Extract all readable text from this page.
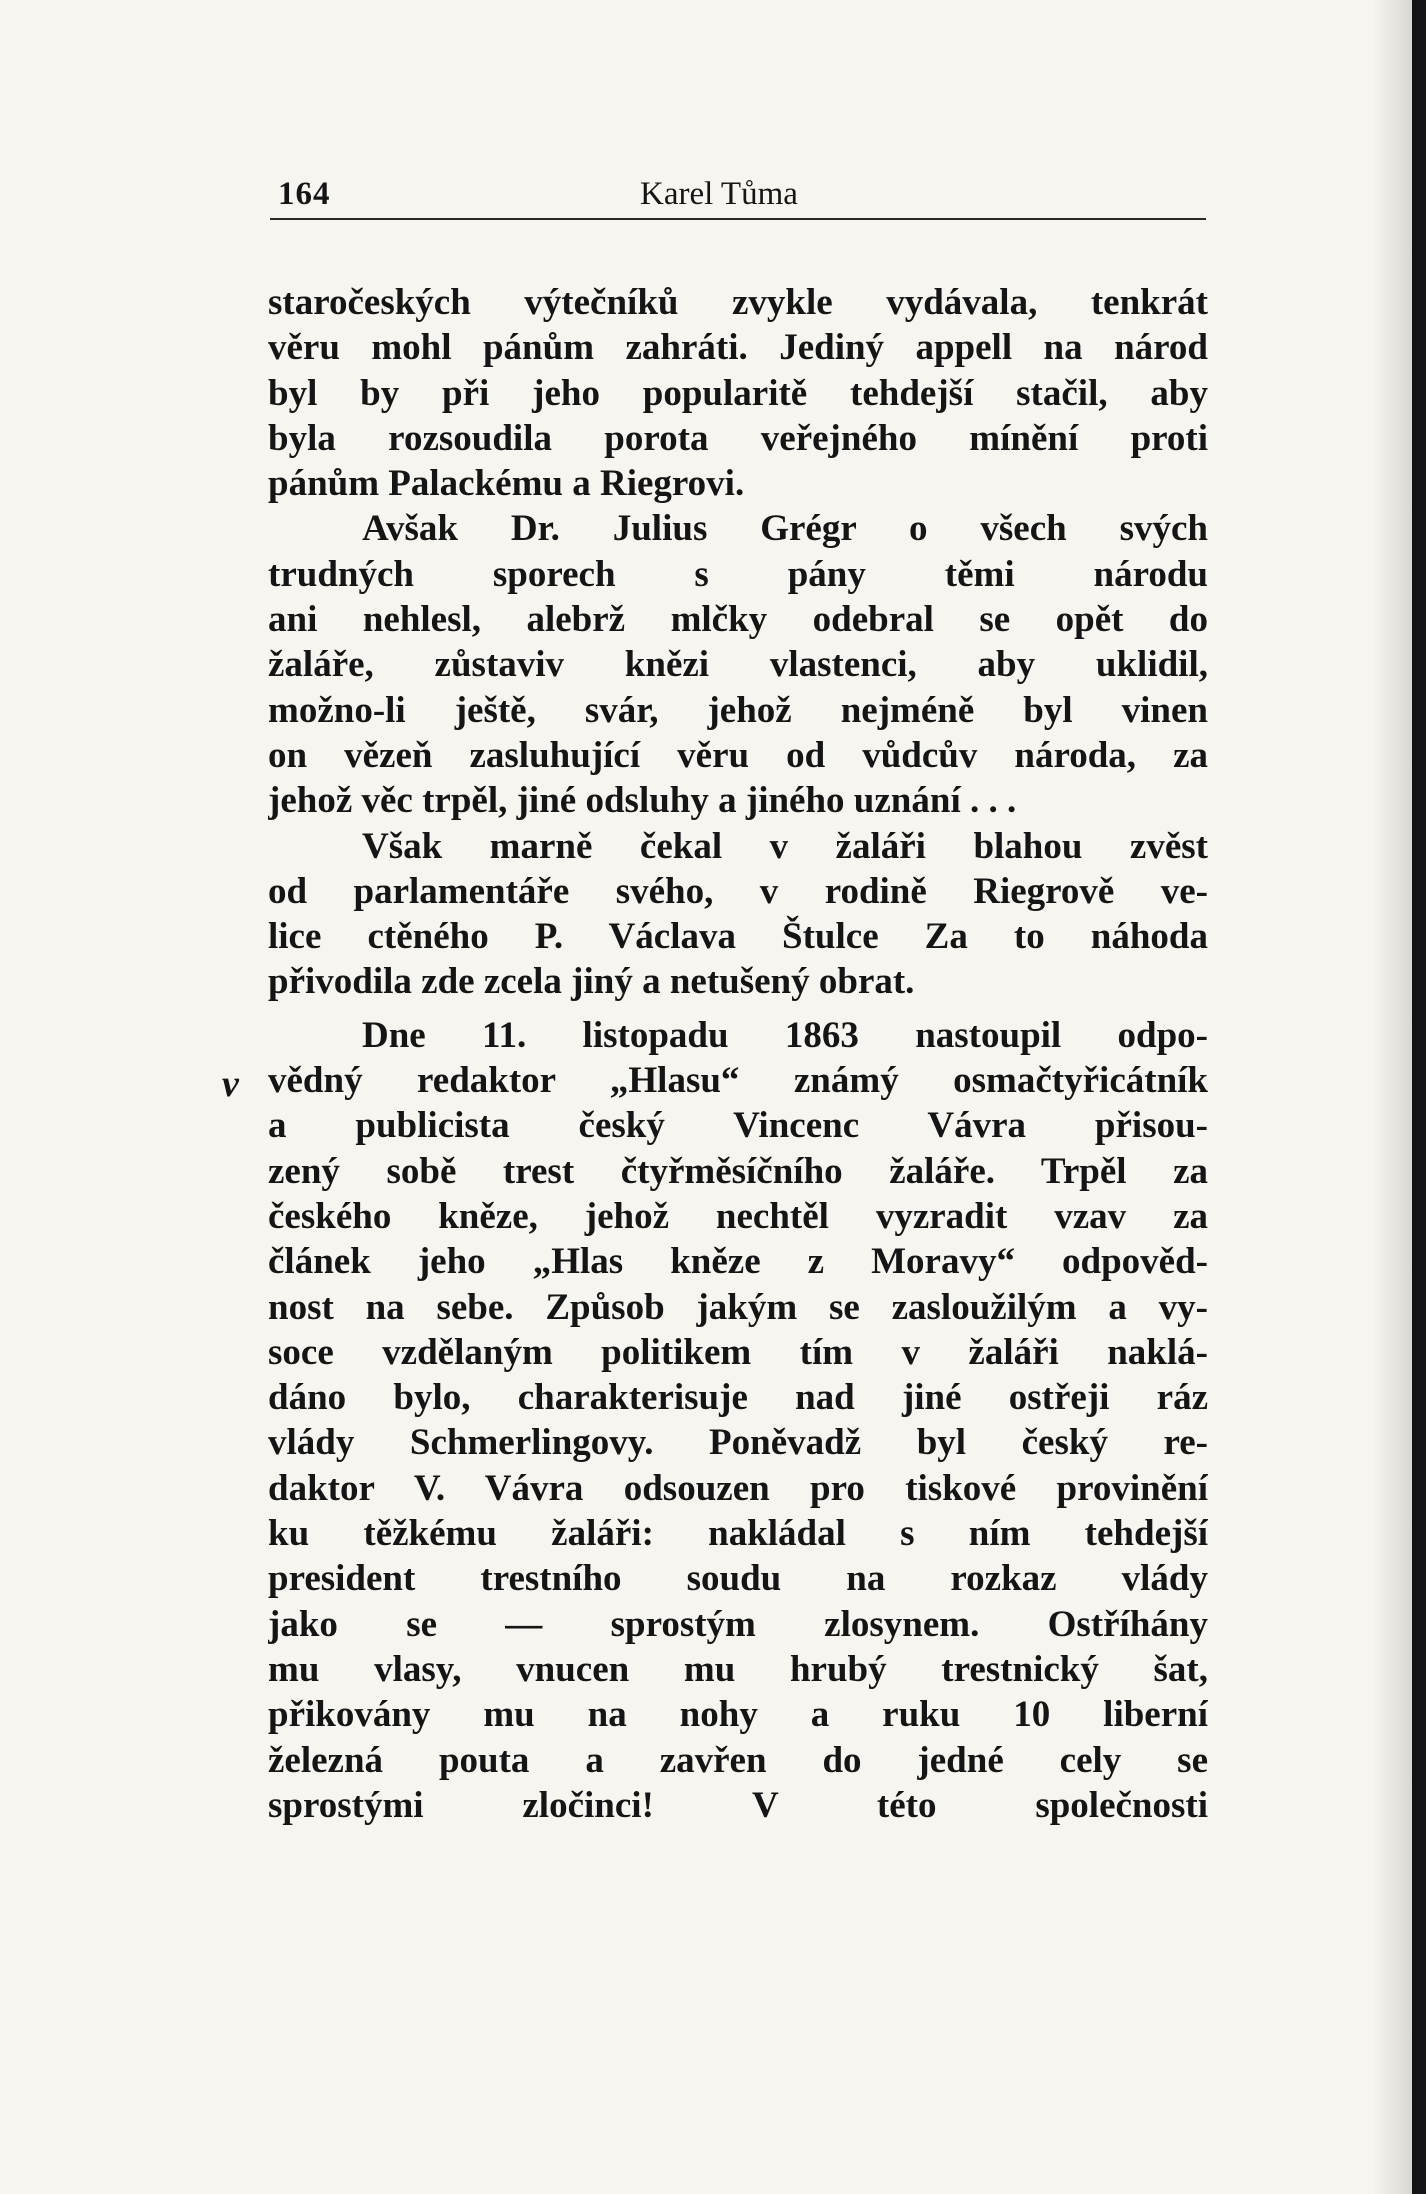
164	Karel Tůma
v
staročeských výtečníků zvykle vydávala, tenkrát
věru mohl pánům zahráti. Jediný appell na národ
byl by při jeho popularitě tehdejší stačil, aby
byla rozsoudila porota veřejného mínění proti
pánům Palackému a Riegrovi.
Avšak Dr. Julius Grégr o všech svých
trudných sporech s pány těmi národu
ani nehlesl, alebrž mlčky odebral se opět do
žaláře, zůstaviv knězi vlastenci, aby uklidil,
možno-li ještě, svár, jehož nejméně byl vinen
on vězeň zasluhující věru od vůdcův národa, za
jehož věc trpěl, jiné odsluhy a jiného uznání . . .
Však marně čekal v žaláři blahou zvěst
od parlamentáře svého, v rodině Riegrově ve-
lice ctěného P. Václava Štulce Za to náhoda
přivodila zde zcela jiný a netušený obrat.
Dne 11. listopadu 1863 nastoupil odpo-
vědný redaktor „Hlasu“ známý osmačtyřicátník
a publicista český Vincenc Vávra přisou-
zený sobě trest čtyřměsíčního žaláře. Trpěl za
českého kněze, jehož nechtěl vyzradit vzav za
článek jeho „Hlas kněze z Moravy“ odpověd-
nost na sebe. Způsob jakým se zasloužilým a vy-
soce vzdělaným politikem tím v žaláři naklá-
dáno bylo, charakterisuje nad jiné ostřeji ráz
vlády Schmerlingovy. Poněvadž byl český re-
daktor V. Vávra odsouzen pro tiskové provinění
ku těžkému žaláři: nakládal s ním tehdejší
president trestního soudu na rozkaz vlády
jako se — sprostým zlosynem. Ostříhány
mu vlasy, vnucen mu hrubý trestnický šat,
přikovány mu na nohy a ruku 10 liberní
železná pouta a zavřen do jedné cely se
sprostými zločinci! V této společnosti
